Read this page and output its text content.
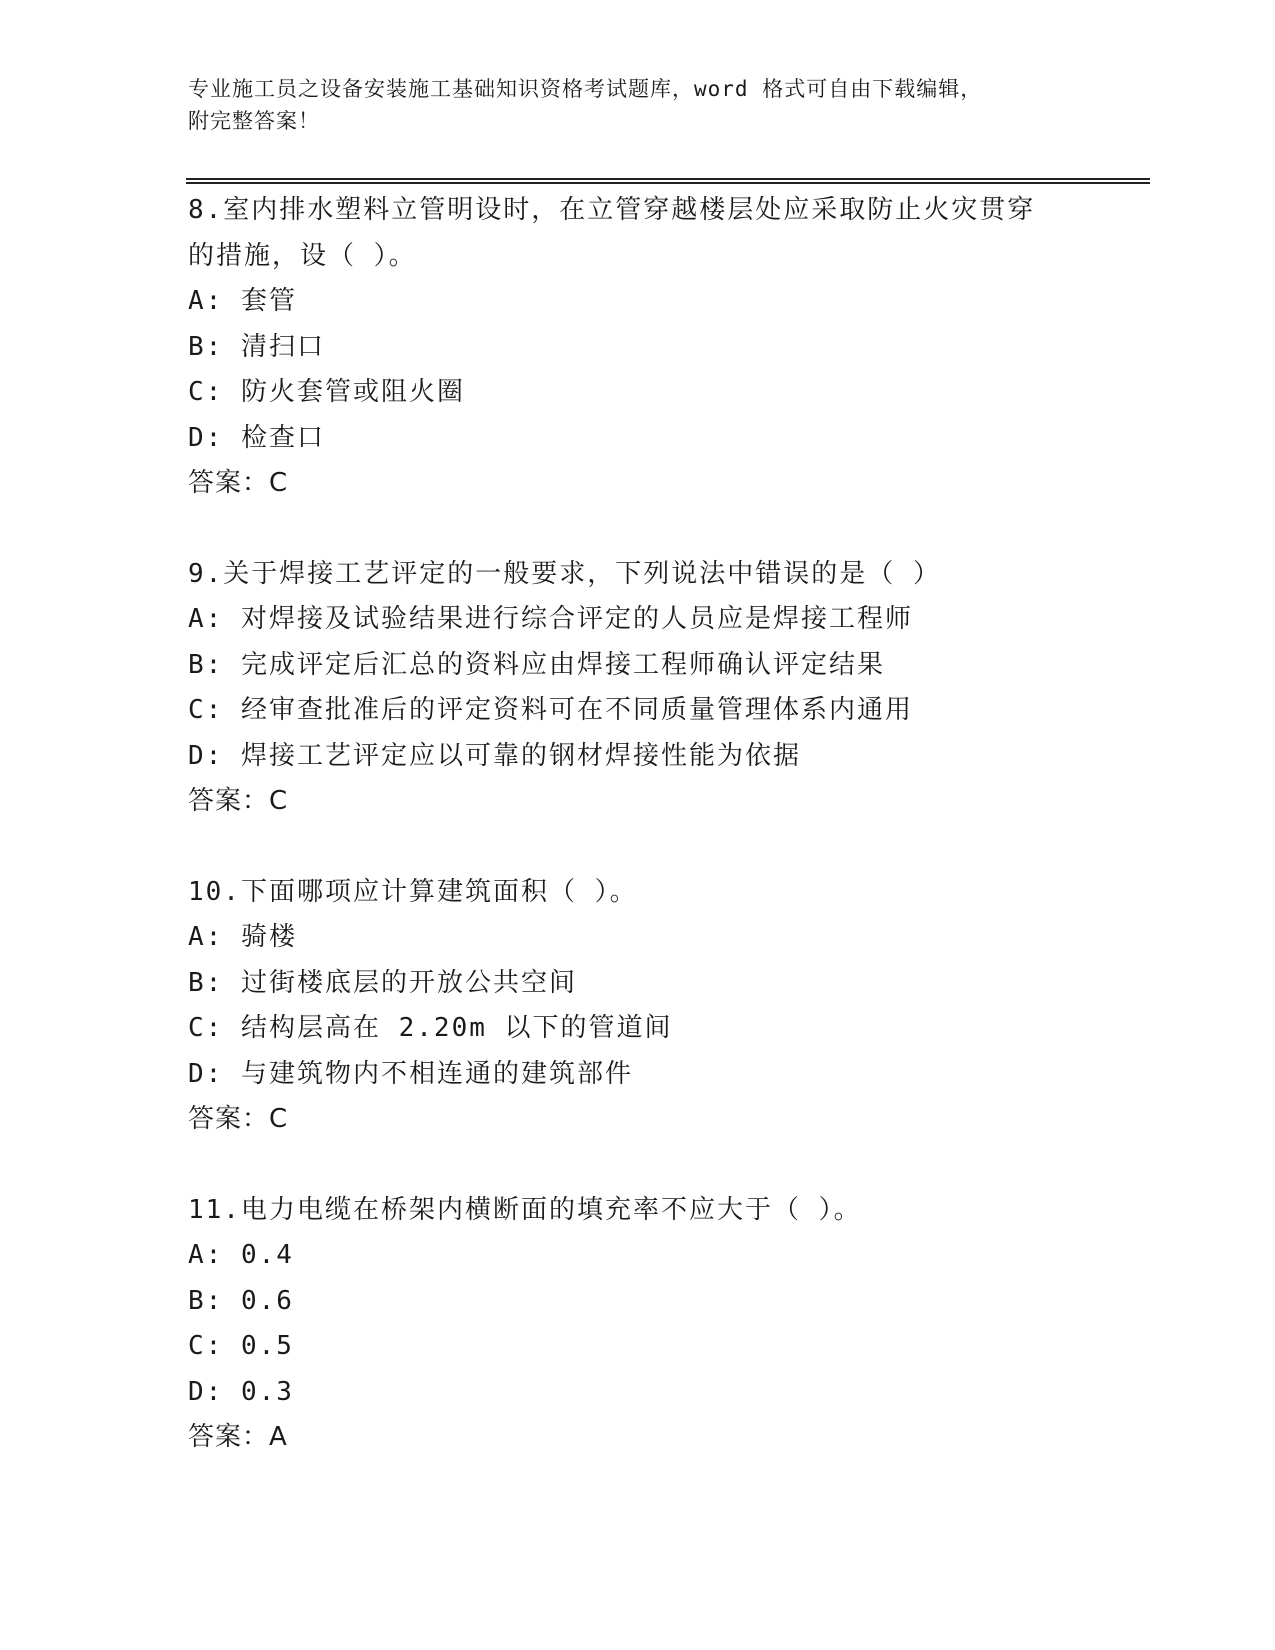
专业施工员之设备安装施工基础知识资格考试题库，word 格式可自由下载编辑，
附完整答案！
8.室内排水塑料立管明设时，在立管穿越楼层处应采取防止火灾贯穿
的措施，设（ ）。
A: 套管
B: 清扫口
C: 防火套管或阻火圈
D: 检查口
答案：C
9.关于焊接工艺评定的一般要求，下列说法中错误的是（ ）
A: 对焊接及试验结果进行综合评定的人员应是焊接工程师
B: 完成评定后汇总的资料应由焊接工程师确认评定结果
C: 经审查批准后的评定资料可在不同质量管理体系内通用
D: 焊接工艺评定应以可靠的钢材焊接性能为依据
答案：C
10.下面哪项应计算建筑面积（ ）。
A: 骑楼
B: 过街楼底层的开放公共空间
C: 结构层高在 2.20m 以下的管道间
D: 与建筑物内不相连通的建筑部件
答案：C
11.电力电缆在桥架内横断面的填充率不应大于（ ）。
A: 0.4
B: 0.6
C: 0.5
D: 0.3
答案：A
